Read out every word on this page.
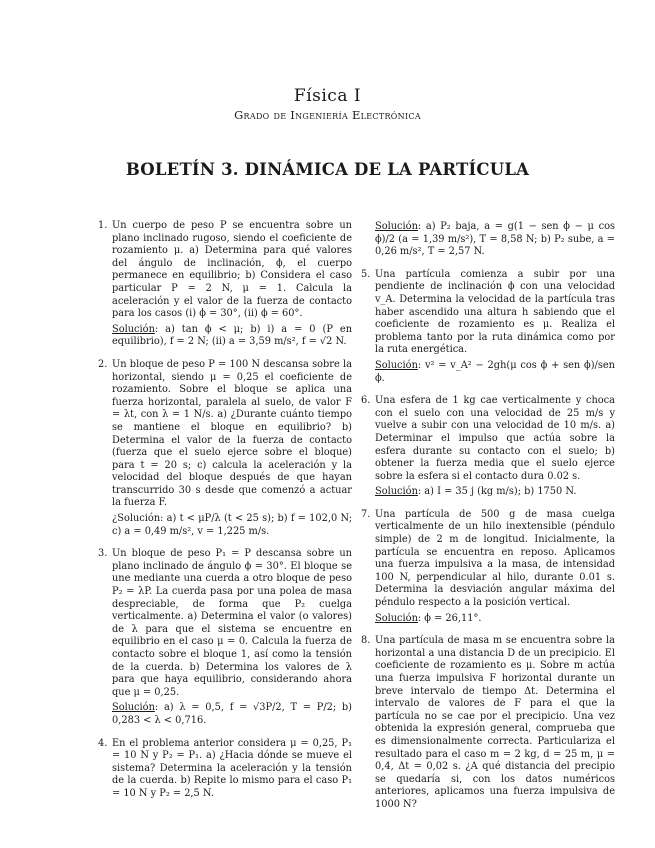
Física I
Grado de Ingeniería Electrónica
BOLETÍN 3. DINÁMICA DE LA PARTÍCULA
1. Un cuerpo de peso P se encuentra sobre un plano inclinado rugoso, siendo el coeficiente de rozamiento μ. a) Determina para qué valores del ángulo de inclinación, ϕ, el cuerpo permanece en equilibrio; b) Considera el caso particular P = 2 N, μ = 1. Calcula la aceleración y el valor de la fuerza de contacto para los casos (i) ϕ = 30°, (ii) ϕ = 60°.
Solución: a) tan ϕ < μ; b) i) a = 0 (P en equilibrio), f = 2 N; (ii) a = 3,59 m/s², f = √2 N.
2. Un bloque de peso P = 100 N descansa sobre la horizontal, siendo μ = 0,25 el coeficiente de rozamiento. Sobre el bloque se aplica una fuerza horizontal, paralela al suelo, de valor F = λt, con λ = 1 N/s. a) ¿Durante cuánto tiempo se mantiene el bloque en equilibrio? b) Determina el valor de la fuerza de contacto (fuerza que el suelo ejerce sobre el bloque) para t = 20 s; c) calcula la aceleración y la velocidad del bloque después de que hayan transcurrido 30 s desde que comenzó a actuar la fuerza F.
¿Solución: a) t < μP/λ (t < 25 s); b) f = 102,0 N; c) a = 0,49 m/s², v = 1,225 m/s.
3. Un bloque de peso P₁ = P descansa sobre un plano inclinado de ángulo ϕ = 30°. El bloque se une mediante una cuerda a otro bloque de peso P₂ = λP. La cuerda pasa por una polea de masa despreciable, de forma que P₂ cuelga verticalmente. a) Determina el valor (o valores) de λ para que el sistema se encuentre en equilibrio en el caso μ = 0. Calcula la fuerza de contacto sobre el bloque 1, así como la tensión de la cuerda. b) Determina los valores de λ para que haya equilibrio, considerando ahora que μ = 0,25.
Solución: a) λ = 0,5, f = √3P/2, T = P/2; b) 0,283 < λ < 0,716.
4. En el problema anterior considera μ = 0,25, P₁ = 10 N y P₂ = P₁. a) ¿Hacia dónde se mueve el sistema? Determina la aceleración y la tensión de la cuerda. b) Repite lo mismo para el caso P₁ = 10 N y P₂ = 2,5 N.
Solución: a) P₂ baja, a = g(1 − sen ϕ − μ cos ϕ)/2 (a = 1,39 m/s²), T = 8,58 N; b) P₂ sube, a = 0,26 m/s², T = 2,57 N.
5. Una partícula comienza a subir por una pendiente de inclinación ϕ con una velocidad v_A. Determina la velocidad de la partícula tras haber ascendido una altura h sabiendo que el coeficiente de rozamiento es μ. Realiza el problema tanto por la ruta dinámica como por la ruta energética.
Solución: v² = v_A² − 2gh(μ cos ϕ + sen ϕ)/sen ϕ.
6. Una esfera de 1 kg cae verticalmente y choca con el suelo con una velocidad de 25 m/s y vuelve a subir con una velocidad de 10 m/s. a) Determinar el impulso que actúa sobre la esfera durante su contacto con el suelo; b) obtener la fuerza media que el suelo ejerce sobre la esfera si el contacto dura 0.02 s.
Solución: a) I = 35 j (kg m/s); b) 1750 N.
7. Una partícula de 500 g de masa cuelga verticalmente de un hilo inextensible (péndulo simple) de 2 m de longitud. Inicialmente, la partícula se encuentra en reposo. Aplicamos una fuerza impulsiva a la masa, de intensidad 100 N, perpendicular al hilo, durante 0.01 s. Determina la desviación angular máxima del péndulo respecto a la posición vertical.
Solución: ϕ = 26,11°.
8. Una partícula de masa m se encuentra sobre la horizontal a una distancia D de un precipicio. El coeficiente de rozamiento es μ. Sobre m actúa una fuerza impulsiva F horizontal durante un breve intervalo de tiempo Δt. Determina el intervalo de valores de F para el que la partícula no se cae por el precipicio. Una vez obtenida la expresión general, comprueba que es dimensionalmente correcta. Particulariza el resultado para el caso m = 2 kg, d = 25 m, μ = 0,4, Δt = 0,02 s. ¿A qué distancia del precipio se quedaría si, con los datos numéricos anteriores, aplicamos una fuerza impulsiva de 1000 N?
